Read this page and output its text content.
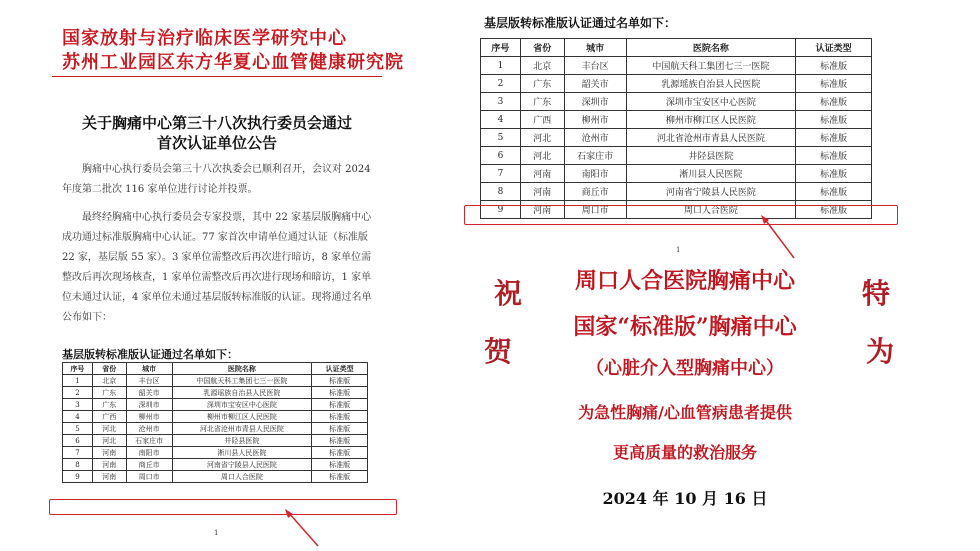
国家放射与治疗临床医学研究中心
苏州工业园区东方华夏心血管健康研究院
关于胸痛中心第三十八次执行委员会通过
首次认证单位公告

胸痛中心执行委员会第三十八次执委会已顺利召开，会议对 2024 年度第二批次 116 家单位进行讨论并投票。

最终经胸痛中心执行委员会专家投票，其中 22 家基层版胸痛中心成功通过标准版胸痛中心认证。77 家首次申请单位通过认证（标准版 22 家，基层版 55 家）。3 家单位需整改后再次进行暗访，8 家单位需整改后再次现场核查，1 家单位需整改后再次进行现场和暗访，1 家单位未通过认证，4 家单位未通过基层版转标准版的认证。现将通过名单公布如下：

基层版转标准版认证通过名单如下：
序号	省份	城市	医院名称	认证类型
1	北京	丰台区	中国航天科工集团七三一医院	标准版
2	广东	韶关市	乳源瑶族自治县人民医院	标准版
3	广东	深圳市	深圳市宝安区中心医院	标准版
4	广西	柳州市	柳州市柳江区人民医院	标准版
5	河北	沧州市	河北省沧州市青县人民医院	标准版
6	河北	石家庄市	井陉县医院	标准版
7	河南	南阳市	淅川县人民医院	标准版
8	河南	商丘市	河南省宁陵县人民医院	标准版
9	河南	周口市	周口人合医院	标准版
1
基层版转标准版认证通过名单如下：
序号	省份	城市	医院名称	认证类型
1	北京	丰台区	中国航天科工集团七三一医院	标准版
2	广东	韶关市	乳源瑶族自治县人民医院	标准版
3	广东	深圳市	深圳市宝安区中心医院	标准版
4	广西	柳州市	柳州市柳江区人民医院	标准版
5	河北	沧州市	河北省沧州市青县人民医院	标准版
6	河北	石家庄市	井陉县医院	标准版
7	河南	南阳市	淅川县人民医院	标准版
8	河南	商丘市	河南省宁陵县人民医院	标准版
9	河南	周口市	周口人合医院	标准版
1
祝
贺
特
为
周口人合医院胸痛中心
国家“标准版”胸痛中心
（心脏介入型胸痛中心）
为急性胸痛/心血管病患者提供
更高质量的救治服务
2024 年 10 月 16 日
